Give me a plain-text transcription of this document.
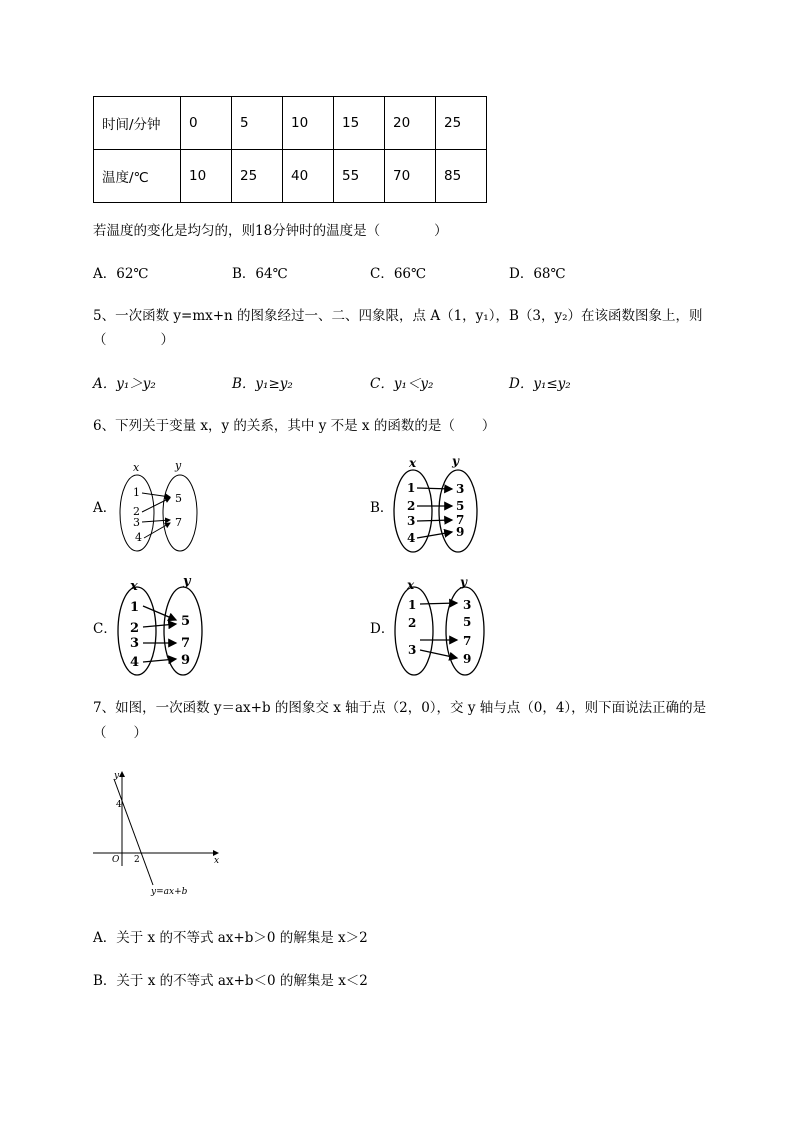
时间/分钟	0	5	10	15	20	25
温度/℃	10	25	40	55	70	85
若温度的变化是均匀的，则18分钟时的温度是（　　　　）
A．62℃	B．64℃	C．66℃	D．68℃
5、一次函数 y=mx+n 的图象经过一、二、四象限，点 A（1，y₁），B（3，y₂）在该函数图象上，则
（　　　　）
A．y₁＞y₂	B．y₁≥y₂	C．y₁＜y₂	D．y₁≤y₂
6、下列关于变量 x，y 的关系，其中 y 不是 x 的函数的是（　　）
A．	B．
C．	D．
x	y
1
2
3
4
5
7
x	y
1
2
3
4
3
5
7
9
x	y
1
2
3
4
5
7
9
x	y
1
2
3
3
5
7
9
y
x
O
4
2
y=ax+b
7、如图，一次函数 y＝ax+b 的图象交 x 轴于点（2，0），交 y 轴与点（0，4），则下面说法正确的是
（　　）
A．关于 x 的不等式 ax+b＞0 的解集是 x＞2
B．关于 x 的不等式 ax+b＜0 的解集是 x＜2
